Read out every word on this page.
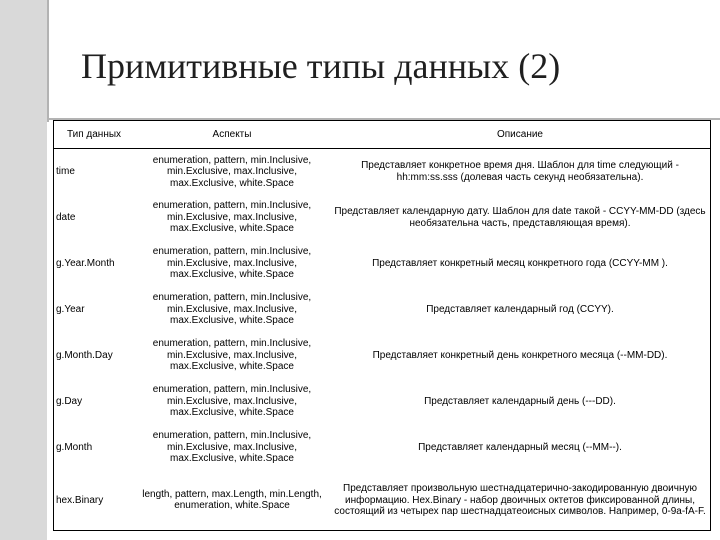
Примитивные типы данных (2)
Тип данных	Аспекты	Описание
time	enumeration, pattern, min.Inclusive, min.Exclusive, max.Inclusive, max.Exclusive, white.Space	Представляет конкретное время дня. Шаблон для time следующий -hh:mm:ss.sss (долевая часть секунд необязательна).
date	enumeration, pattern, min.Inclusive, min.Exclusive, max.Inclusive, max.Exclusive, white.Space	Представляет календарную дату. Шаблон для date такой - CCYY-MM-DD (здесь необязательна часть, представляющая время).
g.Year.Month	enumeration, pattern, min.Inclusive, min.Exclusive, max.Inclusive, max.Exclusive, white.Space	Представляет конкретный месяц конкретного года (CCYY-MM ).
g.Year	enumeration, pattern, min.Inclusive, min.Exclusive, max.Inclusive, max.Exclusive, white.Space	Представляет календарный год (CCYY).
g.Month.Day	enumeration, pattern, min.Inclusive, min.Exclusive, max.Inclusive, max.Exclusive, white.Space	Представляет конкретный день конкретного месяца (--MM-DD).
g.Day	enumeration, pattern, min.Inclusive, min.Exclusive, max.Inclusive, max.Exclusive, white.Space	Представляет календарный день (---DD).
g.Month	enumeration, pattern, min.Inclusive, min.Exclusive, max.Inclusive, max.Exclusive, white.Space	Представляет календарный месяц (--MM--).
hex.Binary	length, pattern, max.Length, min.Length, enumeration, white.Space	Представляет произвольную шестнадцатерично-закодированную двоичную информацию. Hex.Binary - набор двоичных октетов фиксированной длины, состоящий из четырех пар шестнадцатеоисных символов. Например, 0-9a-fA-F.
